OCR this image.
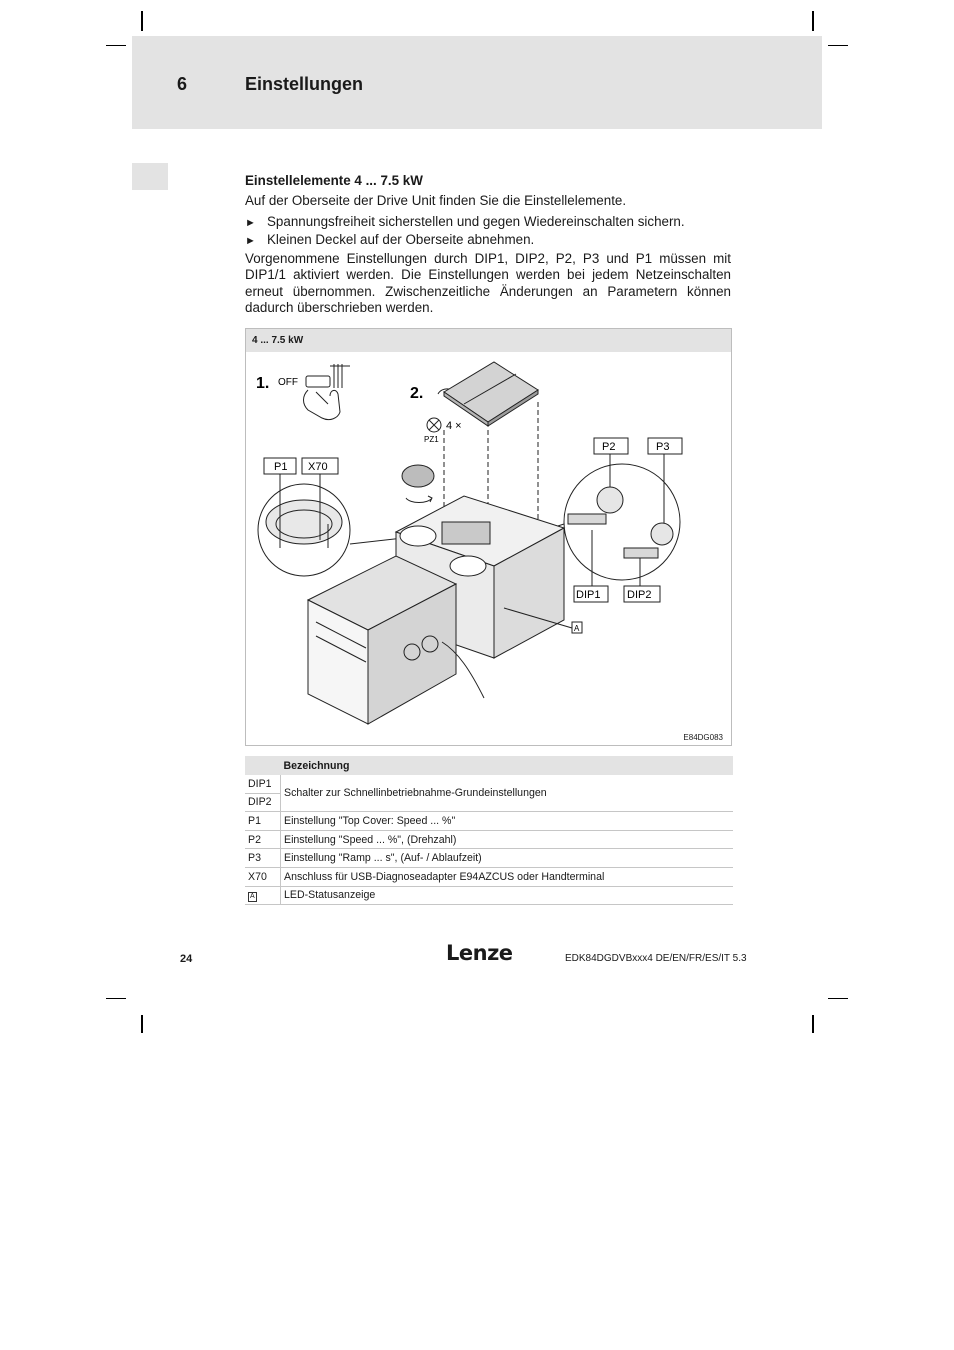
6	Einstellungen
Einstellelemente 4 ... 7.5 kW
Auf der Oberseite der Drive Unit finden Sie die Einstellelemente.
► Spannungsfreiheit sicherstellen und gegen Wiedereinschalten sichern.
► Kleinen Deckel auf der Oberseite abnehmen.
Vorgenommene Einstellungen durch DIP1, DIP2, P2, P3 und P1 müssen mit DIP1/1 aktiviert werden. Die Einstellungen werden bei jedem Netzeinschalten erneut übernommen. Zwischenzeitliche Änderungen an Parametern können dadurch überschrieben werden.
4 ... 7.5 kW
1. OFF
2.
4 ×
PZ1
P1 X70
P2	P3
DIP1 DIP2
A
E84DG083
	Bezeichnung
DIP1	Schalter zur Schnellinbetriebnahme-Grundeinstellungen
DIP2	
P1	Einstellung "Top Cover: Speed ... %"
P2	Einstellung "Speed ... %", (Drehzahl)
P3	Einstellung "Ramp ... s", (Auf- / Ablaufzeit)
X70	Anschluss für USB-Diagnoseadapter E94AZCUS oder Handterminal
A	LED-Statusanzeige
24	Lenze	EDK84DGDVBxxx4 DE/EN/FR/ES/IT 5.3
